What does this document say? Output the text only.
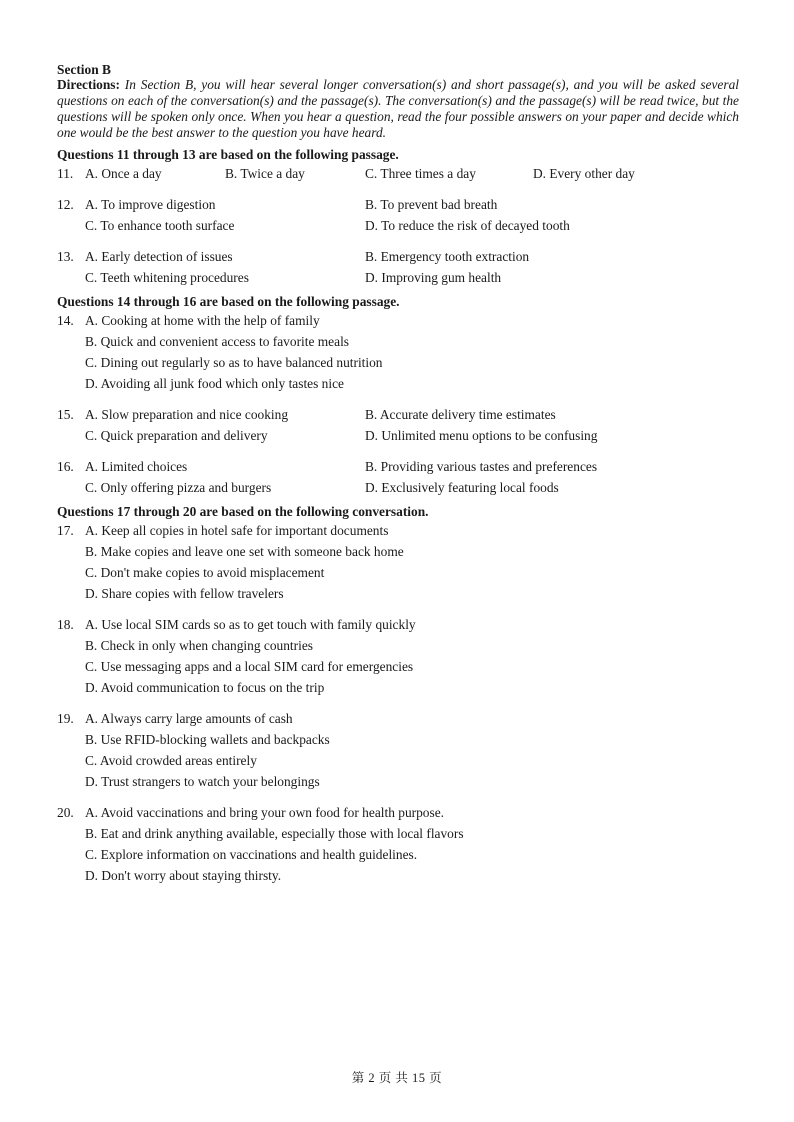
Section B
Directions: In Section B, you will hear several longer conversation(s) and short passage(s), and you will be asked several questions on each of the conversation(s) and the passage(s). The conversation(s) and the passage(s) will be read twice, but the questions will be spoken only once. When you hear a question, read the four possible answers on your paper and decide which one would be the best answer to the question you have heard.
Questions 11 through 13 are based on the following passage.
11. A. Once a day	B. Twice a day	C. Three times a day	D. Every other day
12. A. To improve digestion	B. To prevent bad breath
C. To enhance tooth surface	D. To reduce the risk of decayed tooth
13. A. Early detection of issues	B. Emergency tooth extraction
C. Teeth whitening procedures	D. Improving gum health
Questions 14 through 16 are based on the following passage.
14. A. Cooking at home with the help of family
B. Quick and convenient access to favorite meals
C. Dining out regularly so as to have balanced nutrition
D. Avoiding all junk food which only tastes nice
15. A. Slow preparation and nice cooking	B. Accurate delivery time estimates
C. Quick preparation and delivery	D. Unlimited menu options to be confusing
16. A. Limited choices	B. Providing various tastes and preferences
C. Only offering pizza and burgers	D. Exclusively featuring local foods
Questions 17 through 20 are based on the following conversation.
17. A. Keep all copies in hotel safe for important documents
B. Make copies and leave one set with someone back home
C. Don't make copies to avoid misplacement
D. Share copies with fellow travelers
18. A. Use local SIM cards so as to get touch with family quickly
B. Check in only when changing countries
C. Use messaging apps and a local SIM card for emergencies
D. Avoid communication to focus on the trip
19. A. Always carry large amounts of cash
B. Use RFID-blocking wallets and backpacks
C. Avoid crowded areas entirely
D. Trust strangers to watch your belongings
20. A. Avoid vaccinations and bring your own food for health purpose.
B. Eat and drink anything available, especially those with local flavors
C. Explore information on vaccinations and health guidelines.
D. Don't worry about staying thirsty.
第 2 页 共 15 页
